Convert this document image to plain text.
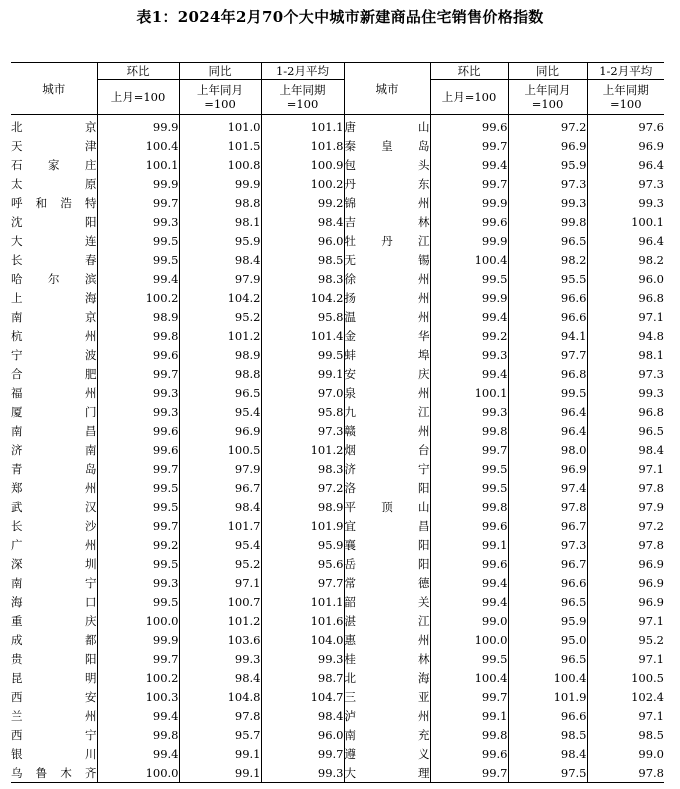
表1：2024年2月70个大中城市新建商品住宅销售价格指数
城市	环比	同比	1-2月平均	城市	环比	同比	1-2月平均
	上月=100	上年同月=100	上年同期=100		上月=100	上年同月=100	上年同期=100
北　京	99.9	101.0	101.1	唐　山	99.6	97.2	97.6
天　津	100.4	101.5	101.8	秦皇岛	99.7	96.9	96.9
石家庄	100.1	100.8	100.9	包　头	99.4	95.9	96.4
太　原	99.9	99.9	100.2	丹　东	99.7	97.3	97.3
呼和浩特	99.7	98.8	99.2	锦　州	99.9	99.3	99.3
沈　阳	99.3	98.1	98.4	吉　林	99.6	99.8	100.1
大　连	99.5	95.9	96.0	牡丹江	99.9	96.5	96.4
长　春	99.5	98.4	98.5	无　锡	100.4	98.2	98.2
哈尔滨	99.4	97.9	98.3	徐　州	99.5	95.5	96.0
上　海	100.2	104.2	104.2	扬　州	99.9	96.6	96.8
南　京	98.9	95.2	95.8	温　州	99.4	96.6	97.1
杭　州	99.8	101.2	101.4	金　华	99.2	94.1	94.8
宁　波	99.6	98.9	99.5	蚌　埠	99.3	97.7	98.1
合　肥	99.7	98.8	99.1	安　庆	99.4	96.8	97.3
福　州	99.3	96.5	97.0	泉　州	100.1	99.5	99.3
厦　门	99.3	95.4	95.8	九　江	99.3	96.4	96.8
南　昌	99.6	96.9	97.3	赣　州	99.8	96.4	96.5
济　南	99.6	100.5	101.2	烟　台	99.7	98.0	98.4
青　岛	99.7	97.9	98.3	济　宁	99.5	96.9	97.1
郑　州	99.5	96.7	97.2	洛　阳	99.5	97.4	97.8
武　汉	99.5	98.4	98.9	平顶山	99.8	97.8	97.9
长　沙	99.7	101.7	101.9	宜　昌	99.6	96.7	97.2
广　州	99.2	95.4	95.9	襄　阳	99.1	97.3	97.8
深　圳	99.5	95.2	95.6	岳　阳	99.6	96.7	96.9
南　宁	99.3	97.1	97.7	常　德	99.4	96.6	96.9
海　口	99.5	100.7	101.1	韶　关	99.4	96.5	96.9
重　庆	100.0	101.2	101.6	湛　江	99.0	95.9	97.1
成　都	99.9	103.6	104.0	惠　州	100.0	95.0	95.2
贵　阳	99.7	99.3	99.3	桂　林	99.5	96.5	97.1
昆　明	100.2	98.4	98.7	北　海	100.4	100.4	100.5
西　安	100.3	104.8	104.7	三　亚	99.7	101.9	102.4
兰　州	99.4	97.8	98.4	泸　州	99.1	96.6	97.1
西　宁	99.8	95.7	96.0	南　充	99.8	98.5	98.5
银　川	99.4	99.1	99.7	遵　义	99.6	98.4	99.0
乌鲁木齐	100.0	99.1	99.3	大　理	99.7	97.5	97.8
